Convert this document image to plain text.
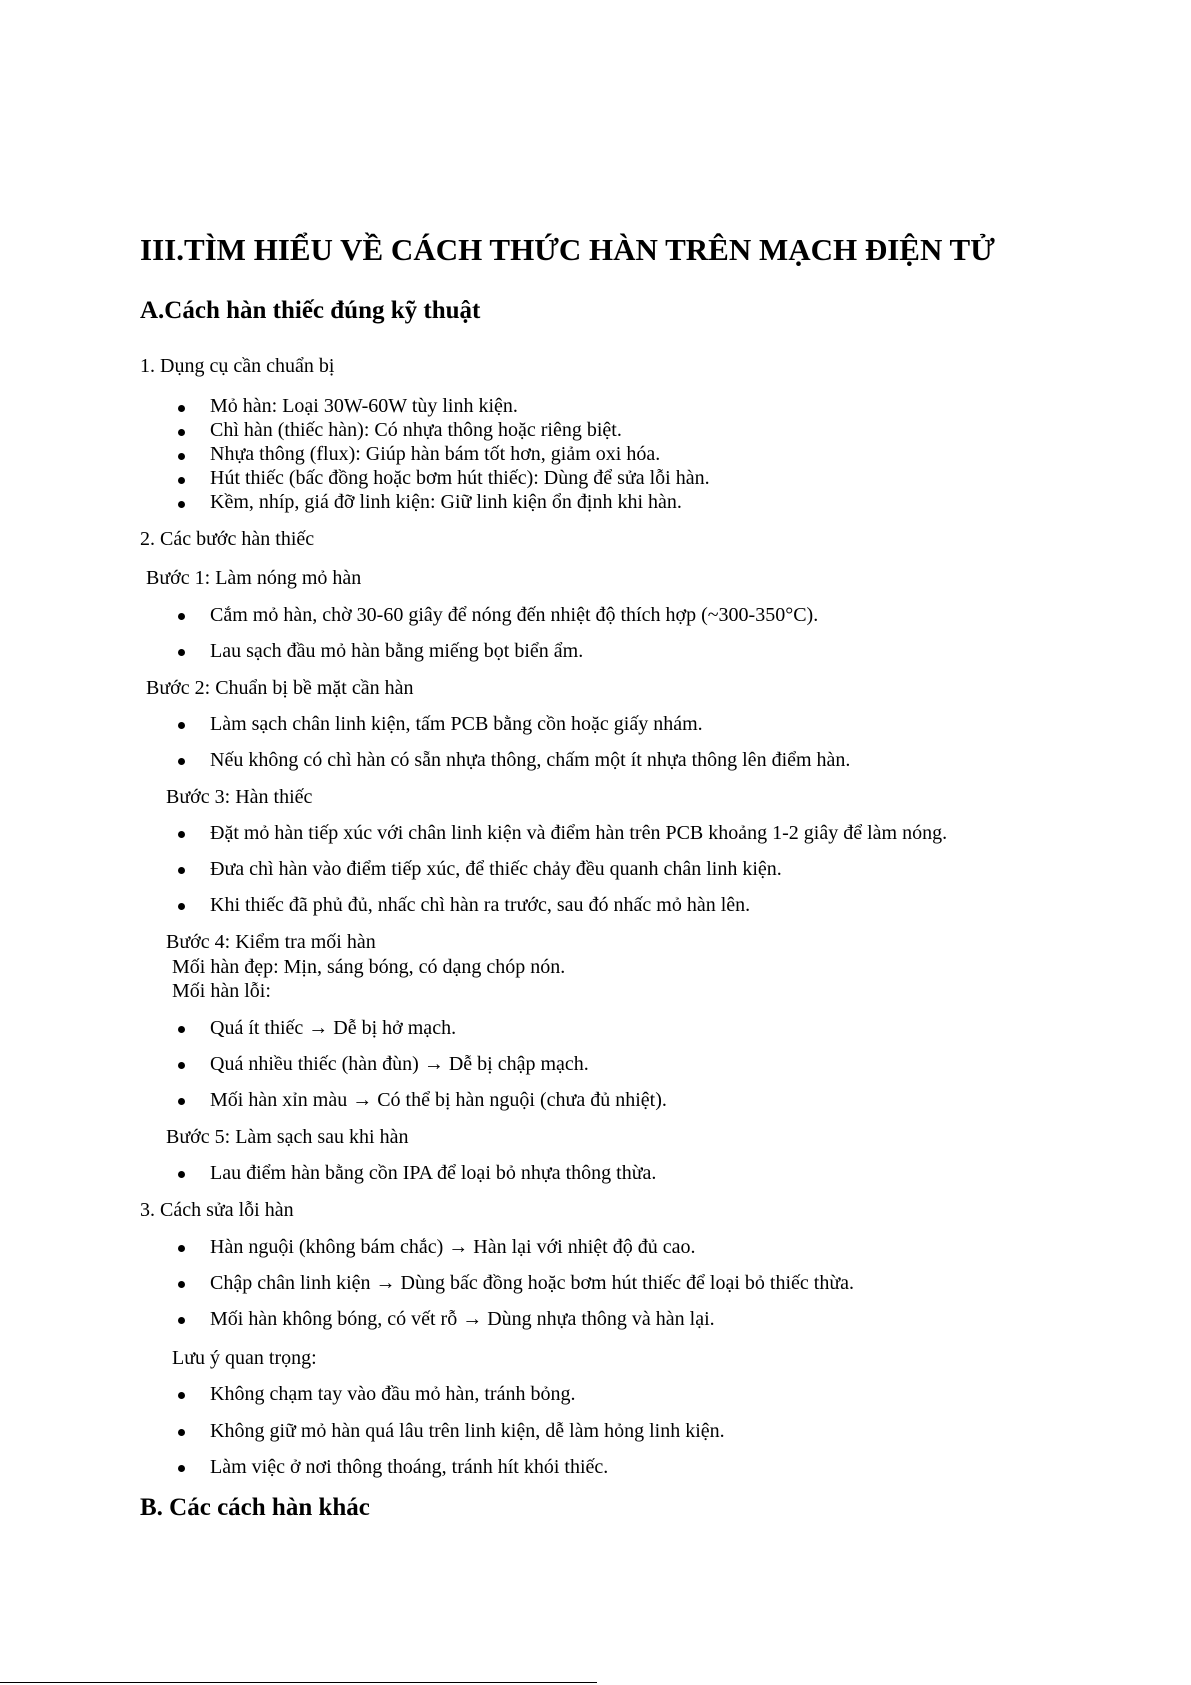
III.TÌM HIỂU VỀ CÁCH THỨC HÀN TRÊN MẠCH ĐIỆN TỬ
A.Cách hàn thiếc đúng kỹ thuật
1. Dụng cụ cần chuẩn bị
Mỏ hàn: Loại 30W-60W tùy linh kiện.
Chì hàn (thiếc hàn): Có nhựa thông hoặc riêng biệt.
Nhựa thông (flux): Giúp hàn bám tốt hơn, giảm oxi hóa.
Hút thiếc (bấc đồng hoặc bơm hút thiếc): Dùng để sửa lỗi hàn.
Kềm, nhíp, giá đỡ linh kiện: Giữ linh kiện ổn định khi hàn.
2. Các bước hàn thiếc
Bước 1: Làm nóng mỏ hàn
Cắm mỏ hàn, chờ 30-60 giây để nóng đến nhiệt độ thích hợp (~300-350°C).
Lau sạch đầu mỏ hàn bằng miếng bọt biển ẩm.
Bước 2: Chuẩn bị bề mặt cần hàn
Làm sạch chân linh kiện, tấm PCB bằng cồn hoặc giấy nhám.
Nếu không có chì hàn có sẵn nhựa thông, chấm một ít nhựa thông lên điểm hàn.
Bước 3: Hàn thiếc
Đặt mỏ hàn tiếp xúc với chân linh kiện và điểm hàn trên PCB khoảng 1-2 giây để làm nóng.
Đưa chì hàn vào điểm tiếp xúc, để thiếc chảy đều quanh chân linh kiện.
Khi thiếc đã phủ đủ, nhấc chì hàn ra trước, sau đó nhấc mỏ hàn lên.
Bước 4: Kiểm tra mối hàn
Mối hàn đẹp: Mịn, sáng bóng, có dạng chóp nón.
Mối hàn lỗi:
Quá ít thiếc → Dễ bị hở mạch.
Quá nhiều thiếc (hàn đùn) → Dễ bị chập mạch.
Mối hàn xỉn màu → Có thể bị hàn nguội (chưa đủ nhiệt).
Bước 5: Làm sạch sau khi hàn
Lau điểm hàn bằng cồn IPA để loại bỏ nhựa thông thừa.
3. Cách sửa lỗi hàn
Hàn nguội (không bám chắc) → Hàn lại với nhiệt độ đủ cao.
Chập chân linh kiện → Dùng bấc đồng hoặc bơm hút thiếc để loại bỏ thiếc thừa.
Mối hàn không bóng, có vết rỗ → Dùng nhựa thông và hàn lại.
Lưu ý quan trọng:
Không chạm tay vào đầu mỏ hàn, tránh bỏng.
Không giữ mỏ hàn quá lâu trên linh kiện, dễ làm hỏng linh kiện.
Làm việc ở nơi thông thoáng, tránh hít khói thiếc.
B. Các cách hàn khác
